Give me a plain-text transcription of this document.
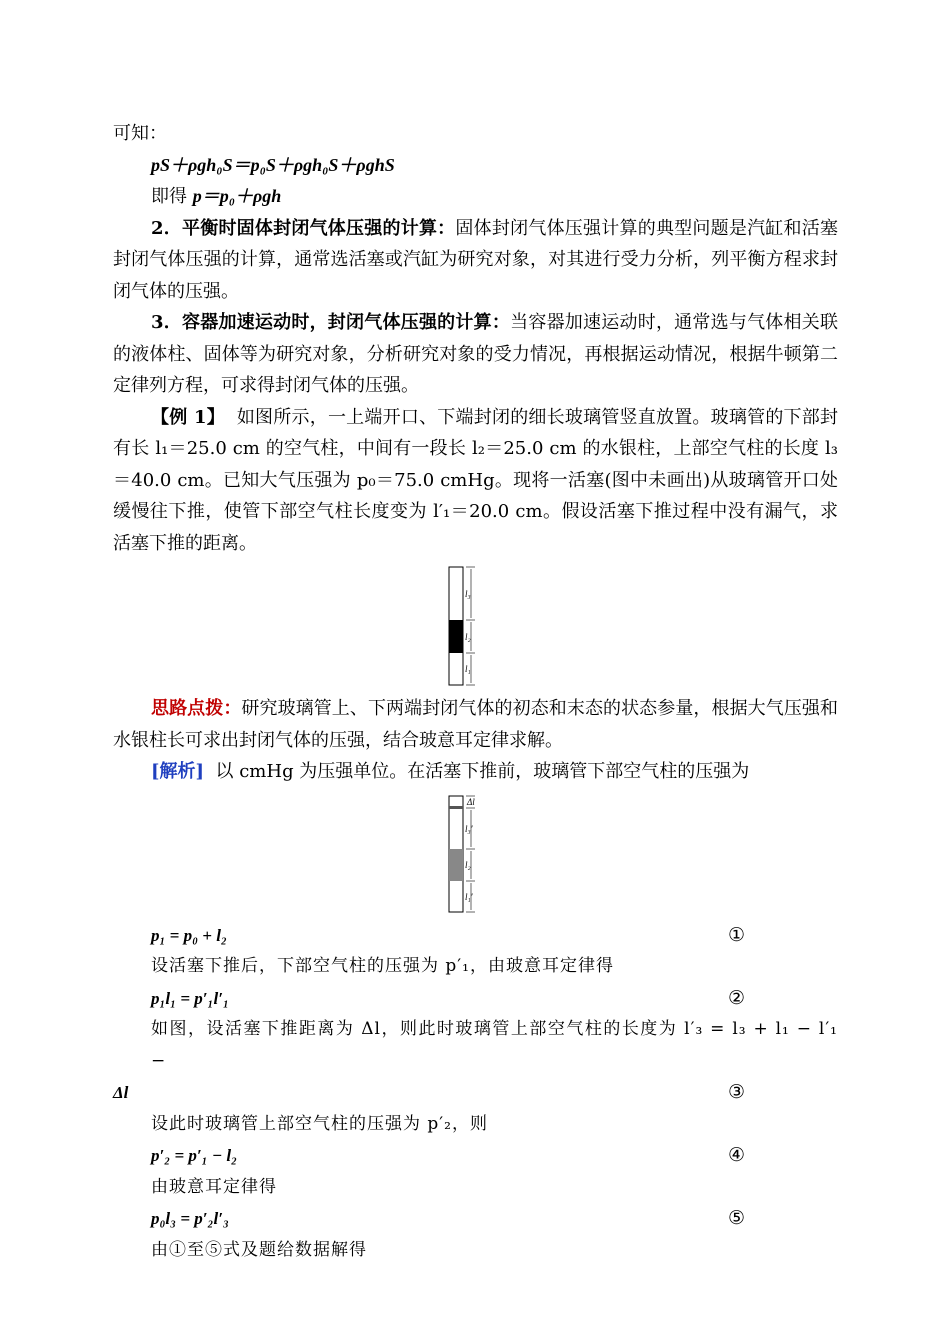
可知：

pS＋ρgh₀S＝p₀S＋ρgh₀S＋ρghS

即得 p＝p₀＋ρgh

2．平衡时固体封闭气体压强的计算：固体封闭气体压强计算的典型问题是汽缸和活塞封闭气体压强的计算，通常选活塞或汽缸为研究对象，对其进行受力分析，列平衡方程求封闭气体的压强。

3．容器加速运动时，封闭气体压强的计算：当容器加速运动时，通常选与气体相关联的液体柱、固体等为研究对象，分析研究对象的受力情况，再根据运动情况，根据牛顿第二定律列方程，可求得封闭气体的压强。

【例 1】 如图所示，一上端开口、下端封闭的细长玻璃管竖直放置。玻璃管的下部封有长 l₁＝25.0 cm 的空气柱，中间有一段长 l₂＝25.0 cm 的水银柱，上部空气柱的长度 l₃＝40.0 cm。已知大气压强为 p₀＝75.0 cmHg。现将一活塞(图中未画出)从玻璃管开口处缓慢往下推，使管下部空气柱长度变为 l′₁＝20.0 cm。假设活塞下推过程中没有漏气，求活塞下推的距离。

l₃
l₂
l₁

思路点拨：研究玻璃管上、下两端封闭气体的初态和末态的状态参量，根据大气压强和水银柱长可求出封闭气体的压强，结合玻意耳定律求解。

[解析] 以 cmHg 为压强单位。在活塞下推前，玻璃管下部空气柱的压强为

Δl
l₃′
l₂
l₁′
p₁ = p₀ + l₂	①

设活塞下推后，下部空气柱的压强为 p′₁，由玻意耳定律得

p₁l₁ = p′₁l′₁	②

如图，设活塞下推距离为 Δl，则此时玻璃管上部空气柱的长度为 l′₃ = l₃ + l₁ − l′₁ −

Δl	③

设此时玻璃管上部空气柱的压强为 p′₂，则

p′₂ = p′₁ − l₂	④

由玻意耳定律得

p₀l₃ = p′₂l′₃	⑤

由①至⑤式及题给数据解得
